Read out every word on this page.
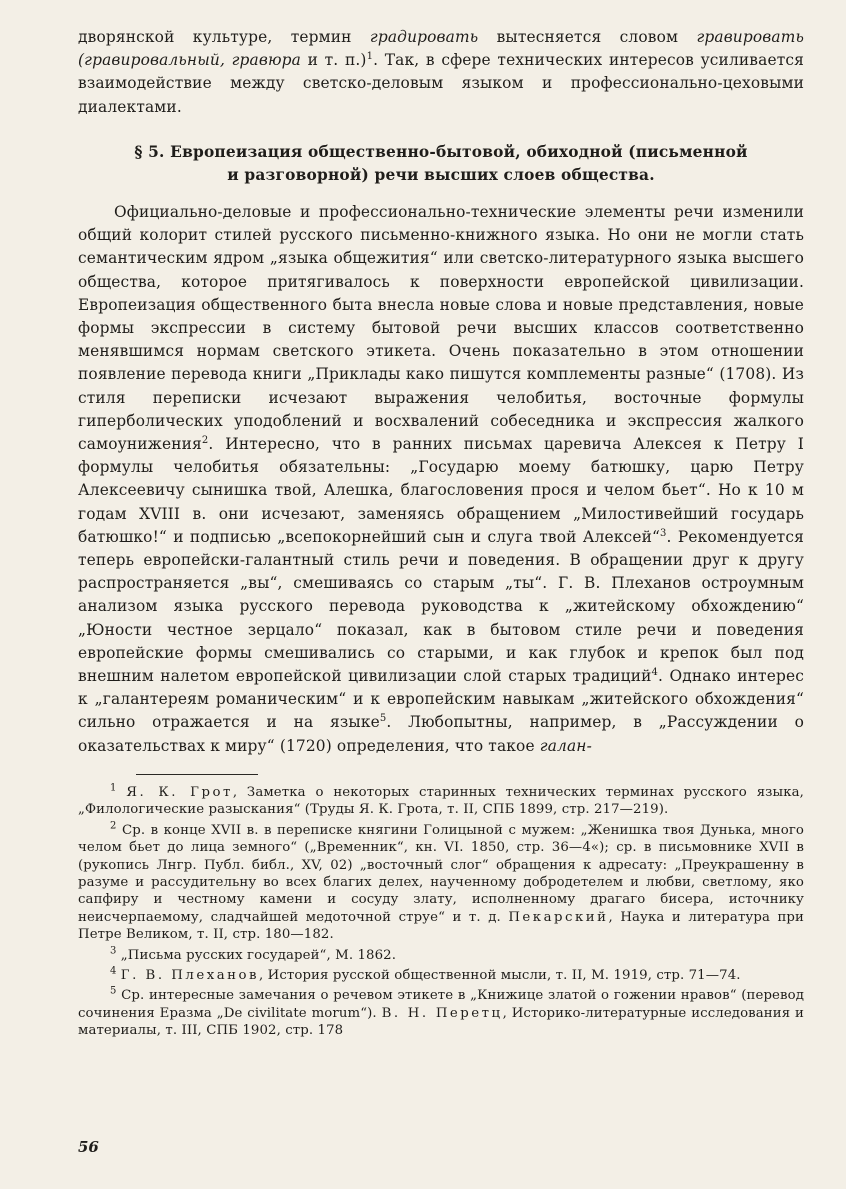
дворянской культуре, термин градировать вытесняется словом гравировать (гравировальный, гравюра и т. п.)$^1$. Так, в сфере технических интересов усиливается взаимодействие между светско-деловым языком и профессионально-цеховыми диалектами.

§ 5. Европеизация общественно-бытовой, обиходной (письменной

и разговорной) речи высших слоев общества.

Официально-деловые и профессионально-технические элементы речи изменили общий колорит стилей русского письменно-книжного языка. Но они не могли стать семантическим ядром „языка общежития“ или светско-литературного языка высшего общества, которое притягивалось к поверхности европейской цивилизации. Европеизация общественного быта внесла новые слова и новые представления, новые формы экспрессии в систему бытовой речи высших классов соответственно менявшимся нормам светского этикета. Очень показательно в этом отношении появление перевода книги „Приклады како пишутся комплементы разные“ (1708). Из стиля переписки исчезают выражения челобитья, восточные формулы гиперболических уподоблений и восхвалений собеседника и экспрессия жалкого самоунижения$^2$. Интересно, что в ранних письмах царевича Алексея к Петру I формулы челобитья обязательны: „Государю моему батюшку, царю Петру Алексеевичу сынишка твой, Алешка, благословения прося и челом бьет“. Но к 10 м годам XVIII в. они исчезают, заменяясь обращением „Милостивейший государь батюшко!“ и подписью „всепокорнейший сын и слуга твой Алексей“$^3$. Рекомендуется теперь европейски-галантный стиль речи и поведения. В обращении друг к другу распространяется „вы“, смешиваясь со старым „ты“. Г. В. Плеханов остроумным анализом языка русского перевода руководства к „житейскому обхождению“ „Юности честное зерцало“ показал, как в бытовом стиле речи и поведения европейские формы смешивались со старыми, и как глубок и крепок был под внешним налетом европейской цивилизации слой старых традиций$^4$. Однако интерес к „галантереям романическим“ и к европейским навыкам „житейского обхождения“ сильно отражается и на языке$^5$. Любопытны, например, в „Рассуждении о оказательствах к миру“ (1720) определения, что такое галан-

$^1$ Я. К. Грот, Заметка о некоторых старинных технических терминах русского языка, „Филологические разыскания“ (Труды Я. К. Грота, т. II, СПБ 1899, стр. 217—219).

$^2$ Ср. в конце XVII в. в переписке княгини Голицыной с мужем: „Женишка твоя Дунька, много челом бьет до лица земного“ („Временник“, кн. VI. 1850, стр. 36—4«); ср. в письмовнике XVII в (рукопись Лнгр. Публ. библ., XV, 02) „восточный слог“ обращения к адресату: „Преукрашенну в разуме и рассудительну во всех благих делех, наученному добродетелем и любви, светлому, яко сапфиру и честному камени и сосуду злату, исполненному драгаго бисера, источнику неисчерпаемому, сладчайшей медоточной струе“ и т. д. Пекарский, Наука и литература при Петре Великом, т. II, стр. 180—182.

$^3$ „Письма русских государей“, М. 1862.

$^4$ Г. В. Плеханов, История русской общественной мысли, т. II, М. 1919, стр. 71—74.

$^5$ Ср. интересные замечания о речевом этикете в „Книжице златой о гожении нравов“ (перевод сочинения Еразма „De civilitate morum“). В. Н. Перетц, Историко-литературные исследования и материалы, т. III, СПБ 1902, стр. 178

56
